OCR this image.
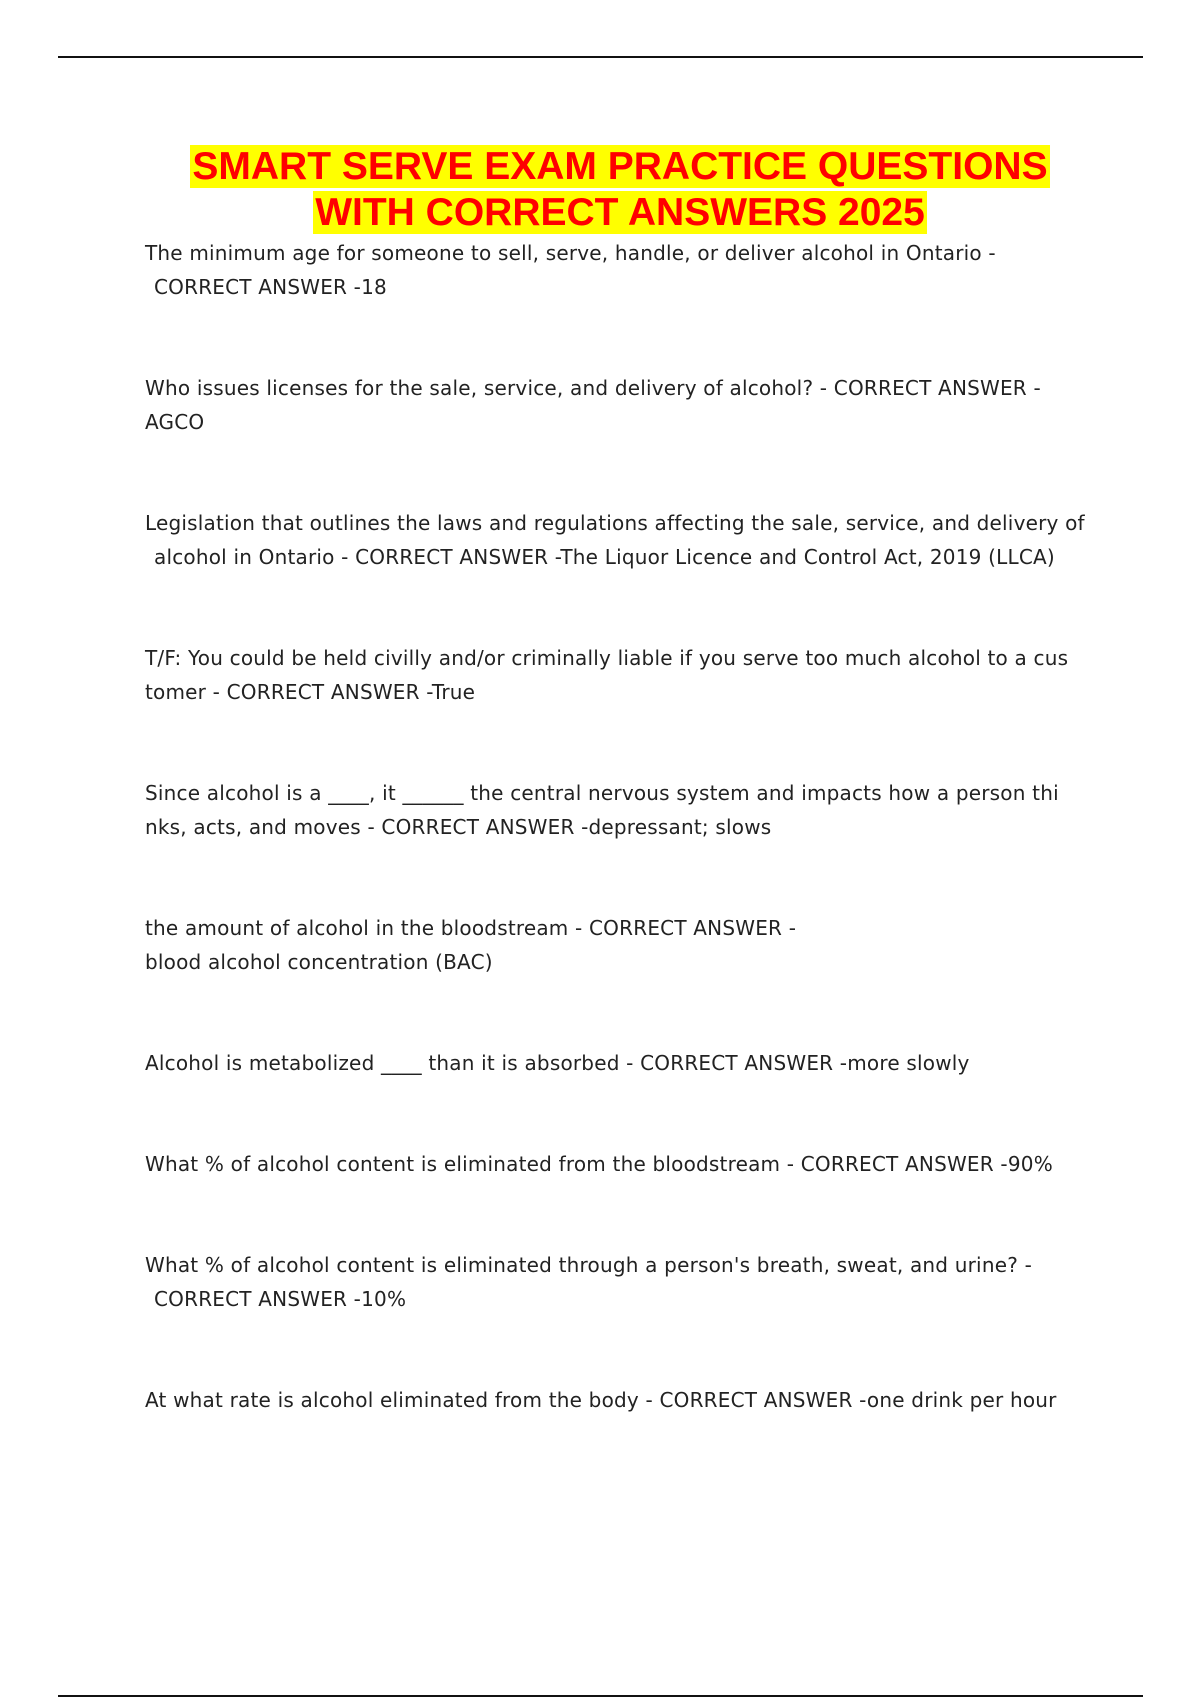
SMART SERVE EXAM PRACTICE QUESTIONS
WITH CORRECT ANSWERS 2025
The minimum age for someone to sell, serve, handle, or deliver alcohol in Ontario -
CORRECT ANSWER -18
Who issues licenses for the sale, service, and delivery of alcohol? - CORRECT ANSWER -
AGCO
Legislation that outlines the laws and regulations affecting the sale, service, and delivery of
alcohol in Ontario - CORRECT ANSWER -The Liquor Licence and Control Act, 2019 (LLCA)
T/F: You could be held civilly and/or criminally liable if you serve too much alcohol to a cus
tomer - CORRECT ANSWER -True
Since alcohol is a ____, it ______ the central nervous system and impacts how a person thi
nks, acts, and moves - CORRECT ANSWER -depressant; slows
the amount of alcohol in the bloodstream - CORRECT ANSWER -
blood alcohol concentration (BAC)
Alcohol is metabolized ____ than it is absorbed - CORRECT ANSWER -more slowly
What % of alcohol content is eliminated from the bloodstream - CORRECT ANSWER -90%
What % of alcohol content is eliminated through a person's breath, sweat, and urine? -
CORRECT ANSWER -10%
At what rate is alcohol eliminated from the body - CORRECT ANSWER -one drink per hour
